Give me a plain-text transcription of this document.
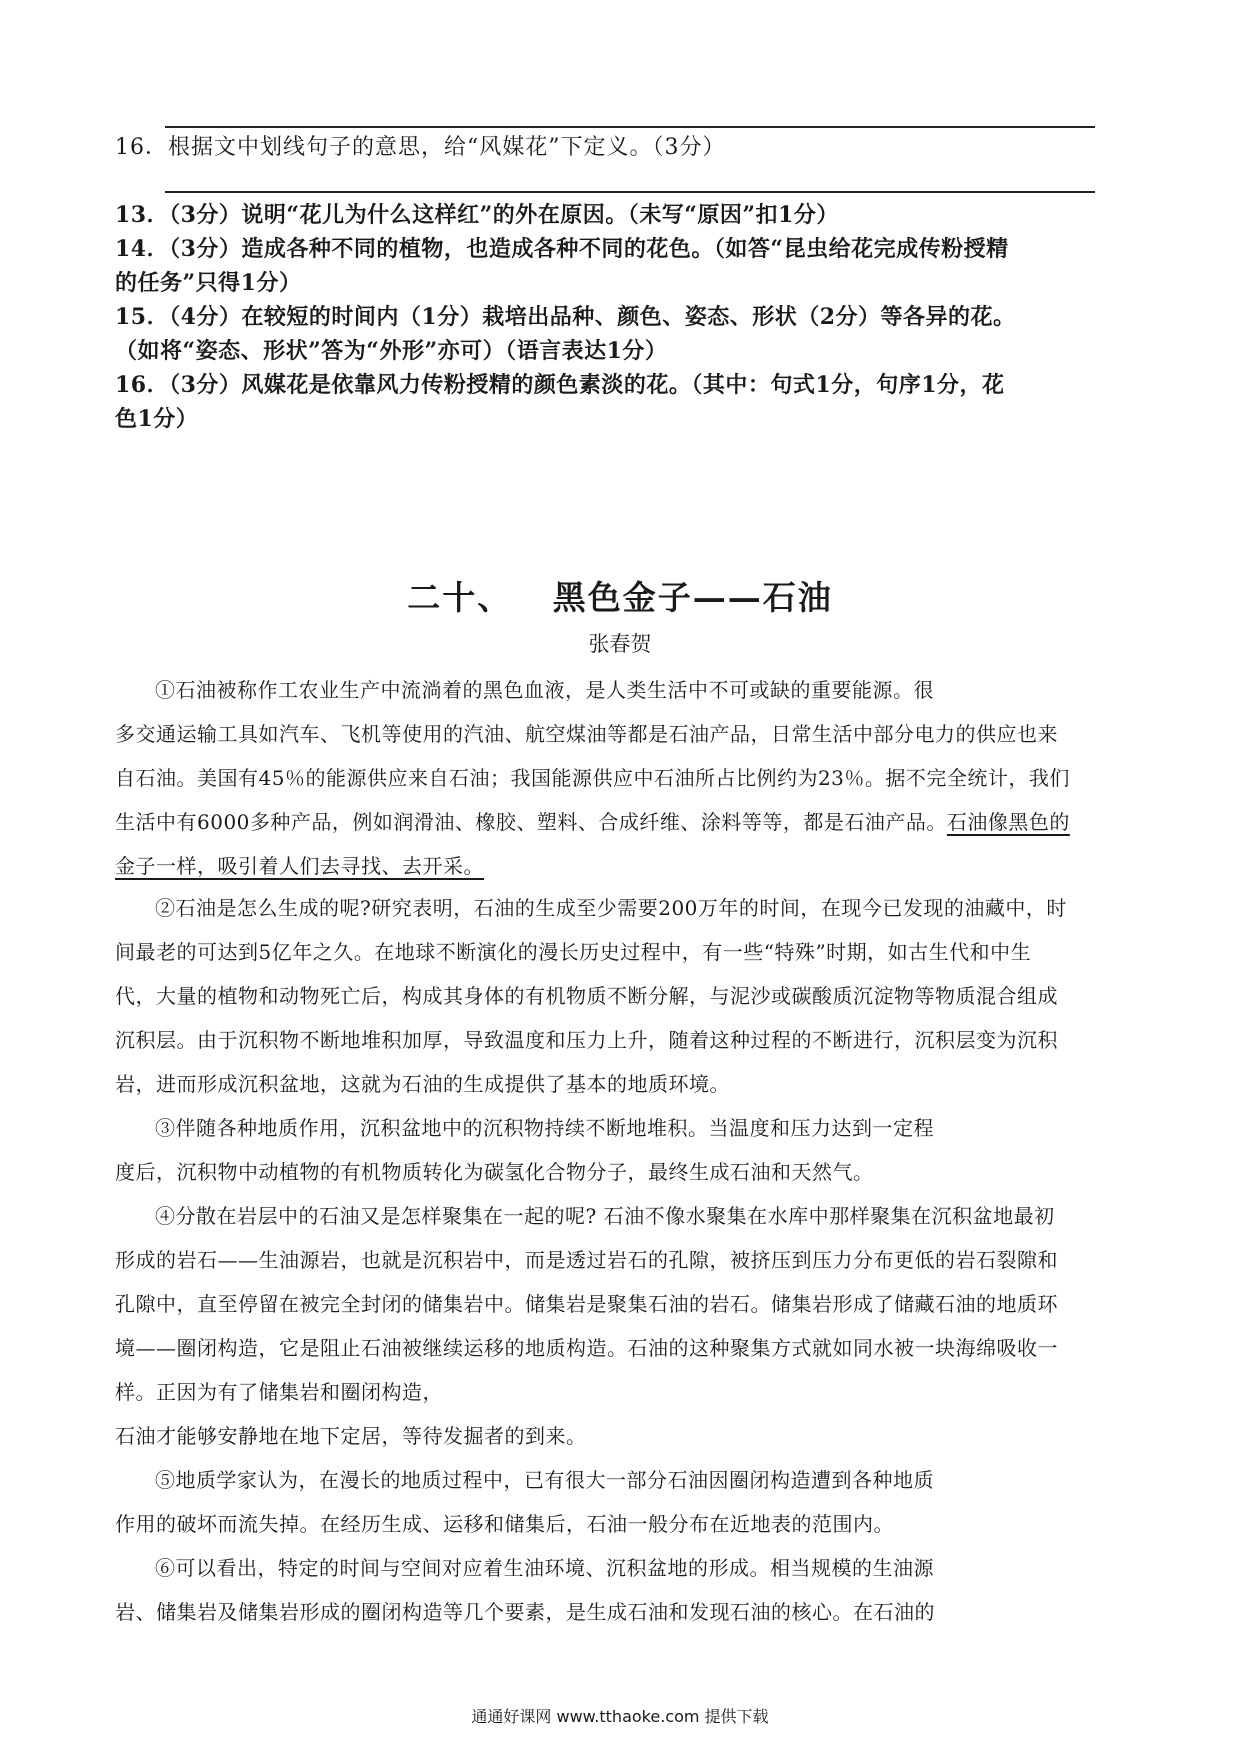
16．根据文中划线句子的意思，给“风媒花”下定义。（3分）
13．（3分）说明“花儿为什么这样红”的外在原因。（未写“原因”扣1分）
14．（3分）造成各种不同的植物，也造成各种不同的花色。（如答“昆虫给花完成传粉授精
的任务”只得1分）
15．（4分）在较短的时间内（1分）栽培出品种、颜色、姿态、形状（2分）等各异的花。
（如将“姿态、形状”答为“外形”亦可）（语言表达1分）
16．（3分）风媒花是依靠风力传粉授精的颜色素淡的花。（其中：句式1分，句序1分，花
色1分）
二十、 黑色金子——石油
张春贺
①石油被称作工农业生产中流淌着的黑色血液，是人类生活中不可或缺的重要能源。很
多交通运输工具如汽车、飞机等使用的汽油、航空煤油等都是石油产品，日常生活中部分电力的供应也来
自石油。美国有45％的能源供应来自石油；我国能源供应中石油所占比例约为23％。据不完全统计，我们
生活中有6000多种产品，例如润滑油、橡胶、塑料、合成纤维、涂料等等，都是石油产品。石油像黑色的
金子一样，吸引着人们去寻找、去开采。
②石油是怎么生成的呢?研究表明，石油的生成至少需要200万年的时间，在现今已发现的油藏中，时
间最老的可达到5亿年之久。在地球不断演化的漫长历史过程中，有一些“特殊”时期，如古生代和中生
代，大量的植物和动物死亡后，构成其身体的有机物质不断分解，与泥沙或碳酸质沉淀物等物质混合组成
沉积层。由于沉积物不断地堆积加厚，导致温度和压力上升，随着这种过程的不断进行，沉积层变为沉积
岩，进而形成沉积盆地，这就为石油的生成提供了基本的地质环境。
③伴随各种地质作用，沉积盆地中的沉积物持续不断地堆积。当温度和压力达到一定程
度后，沉积物中动植物的有机物质转化为碳氢化合物分子，最终生成石油和天然气。
④分散在岩层中的石油又是怎样聚集在一起的呢? 石油不像水聚集在水库中那样聚集在沉积盆地最初
形成的岩石——生油源岩，也就是沉积岩中，而是透过岩石的孔隙，被挤压到压力分布更低的岩石裂隙和
孔隙中，直至停留在被完全封闭的储集岩中。储集岩是聚集石油的岩石。储集岩形成了储藏石油的地质环
境——圈闭构造，它是阻止石油被继续运移的地质构造。石油的这种聚集方式就如同水被一块海绵吸收一
样。正因为有了储集岩和圈闭构造，
石油才能够安静地在地下定居，等待发掘者的到来。
⑤地质学家认为，在漫长的地质过程中，已有很大一部分石油因圈闭构造遭到各种地质
作用的破坏而流失掉。在经历生成、运移和储集后，石油一般分布在近地表的范围内。
⑥可以看出，特定的时间与空间对应着生油环境、沉积盆地的形成。相当规模的生油源
岩、储集岩及储集岩形成的圈闭构造等几个要素，是生成石油和发现石油的核心。在石油的
通通好课网 www.tthaoke.com 提供下载
